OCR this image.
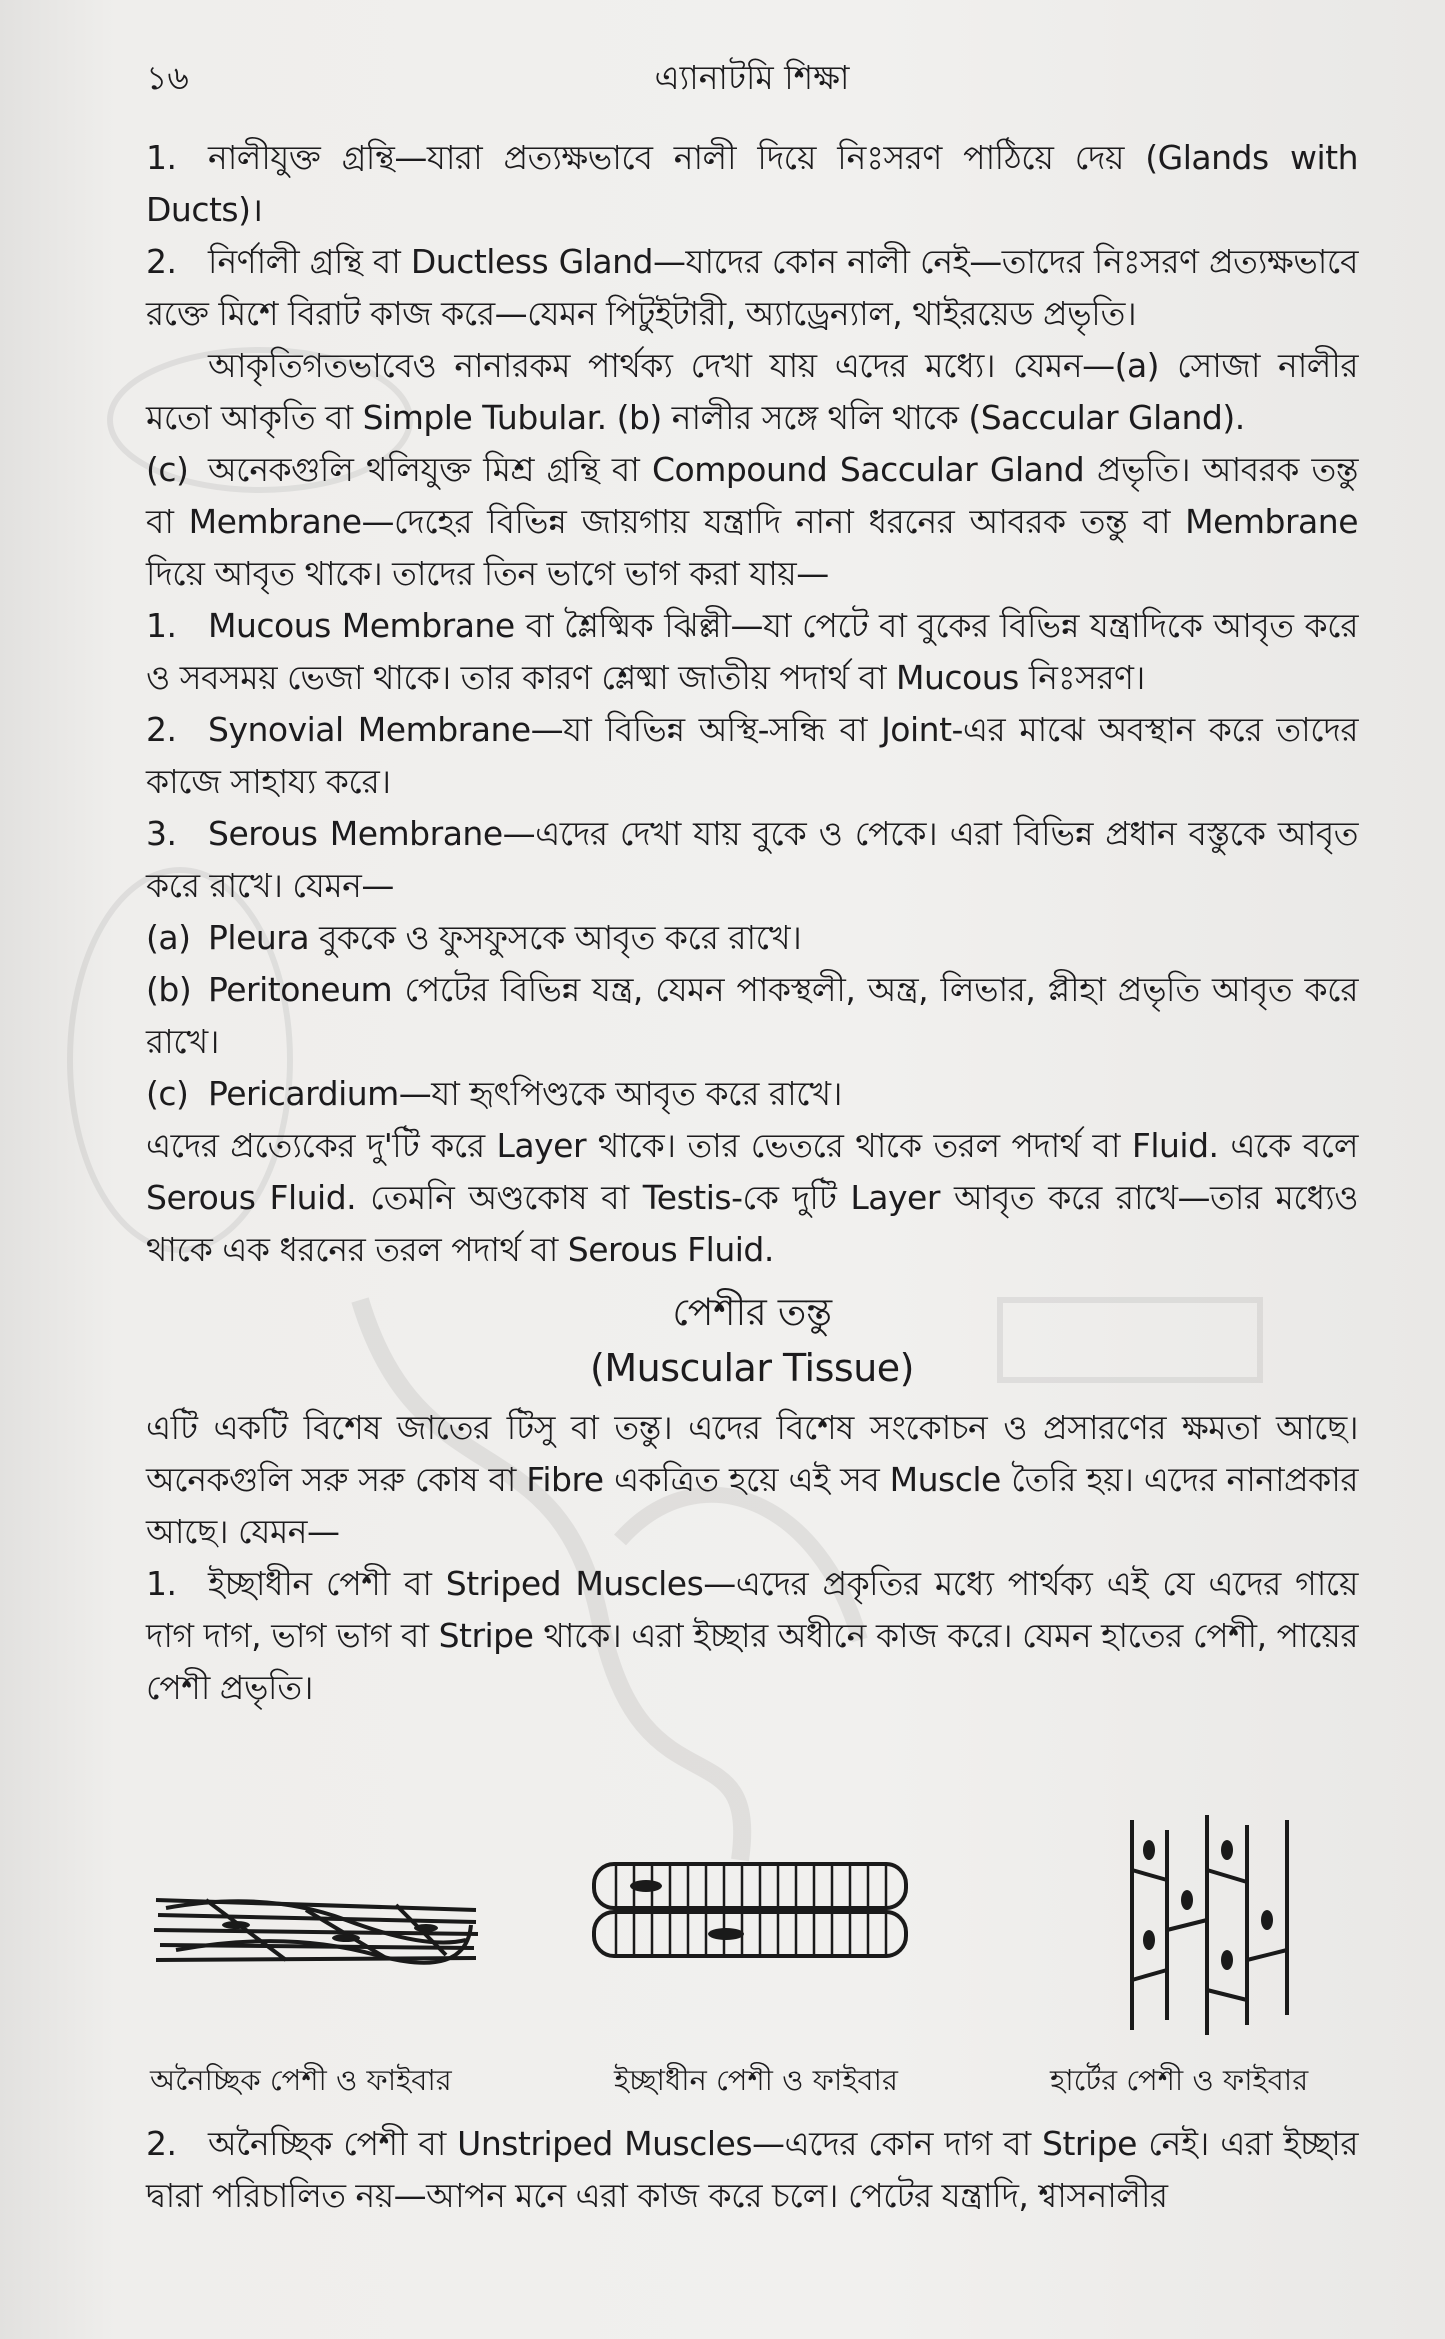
১৬	এ্যানাটমি শিক্ষা

1. নালীযুক্ত গ্রন্থি—যারা প্রত্যক্ষভাবে নালী দিয়ে নিঃসরণ পাঠিয়ে দেয় (Glands with Ducts)।

2. নির্ণালী গ্রন্থি বা Ductless Gland—যাদের কোন নালী নেই—তাদের নিঃসরণ প্রত্যক্ষভাবে রক্তে মিশে বিরাট কাজ করে—যেমন পিটুইটারী, অ্যাড্রেন্যাল, থাইরয়েড প্রভৃতি।

আকৃতিগতভাবেও নানারকম পার্থক্য দেখা যায় এদের মধ্যে। যেমন—(a) সোজা নালীর মতো আকৃতি বা Simple Tubular. (b) নালীর সঙ্গে থলি থাকে (Saccular Gland).

(c) অনেকগুলি থলিযুক্ত মিশ্র গ্রন্থি বা Compound Saccular Gland প্রভৃতি। আবরক তন্তু বা Membrane—দেহের বিভিন্ন জায়গায় যন্ত্রাদি নানা ধরনের আবরক তন্তু বা Membrane দিয়ে আবৃত থাকে। তাদের তিন ভাগে ভাগ করা যায়—

1. Mucous Membrane বা শ্লৈষ্মিক ঝিল্লী—যা পেটে বা বুকের বিভিন্ন যন্ত্রাদিকে আবৃত করে ও সবসময় ভেজা থাকে। তার কারণ শ্লেষ্মা জাতীয় পদার্থ বা Mucous নিঃসরণ।

2. Synovial Membrane—যা বিভিন্ন অস্থি-সন্ধি বা Joint-এর মাঝে অবস্থান করে তাদের কাজে সাহায্য করে।

3. Serous Membrane—এদের দেখা যায় বুকে ও পেকে। এরা বিভিন্ন প্রধান বস্তুকে আবৃত করে রাখে। যেমন—

(a) Pleura বুককে ও ফুসফুসকে আবৃত করে রাখে।

(b) Peritoneum পেটের বিভিন্ন যন্ত্র, যেমন পাকস্থলী, অন্ত্র, লিভার, প্লীহা প্রভৃতি আবৃত করে রাখে।

(c) Pericardium—যা হৃৎপিণ্ডকে আবৃত করে রাখে।

এদের প্রত্যেকের দু'টি করে Layer থাকে। তার ভেতরে থাকে তরল পদার্থ বা Fluid. একে বলে Serous Fluid. তেমনি অণ্ডকোষ বা Testis-কে দুটি Layer আবৃত করে রাখে—তার মধ্যেও থাকে এক ধরনের তরল পদার্থ বা Serous Fluid.

পেশীর তন্তু
(Muscular Tissue)

এটি একটি বিশেষ জাতের টিসু বা তন্তু। এদের বিশেষ সংকোচন ও প্রসারণের ক্ষমতা আছে। অনেকগুলি সরু সরু কোষ বা Fibre একত্রিত হয়ে এই সব Muscle তৈরি হয়। এদের নানাপ্রকার আছে। যেমন—

1. ইচ্ছাধীন পেশী বা Striped Muscles—এদের প্রকৃতির মধ্যে পার্থক্য এই যে এদের গায়ে দাগ দাগ, ভাগ ভাগ বা Stripe থাকে। এরা ইচ্ছার অধীনে কাজ করে। যেমন হাতের পেশী, পায়ের পেশী প্রভৃতি।

অনৈচ্ছিক পেশী ও ফাইবার	ইচ্ছাধীন পেশী ও ফাইবার	হার্টের পেশী ও ফাইবার

2. অনৈচ্ছিক পেশী বা Unstriped Muscles—এদের কোন দাগ বা Stripe নেই। এরা ইচ্ছার দ্বারা পরিচালিত নয়—আপন মনে এরা কাজ করে চলে। পেটের যন্ত্রাদি, শ্বাসনালীর
